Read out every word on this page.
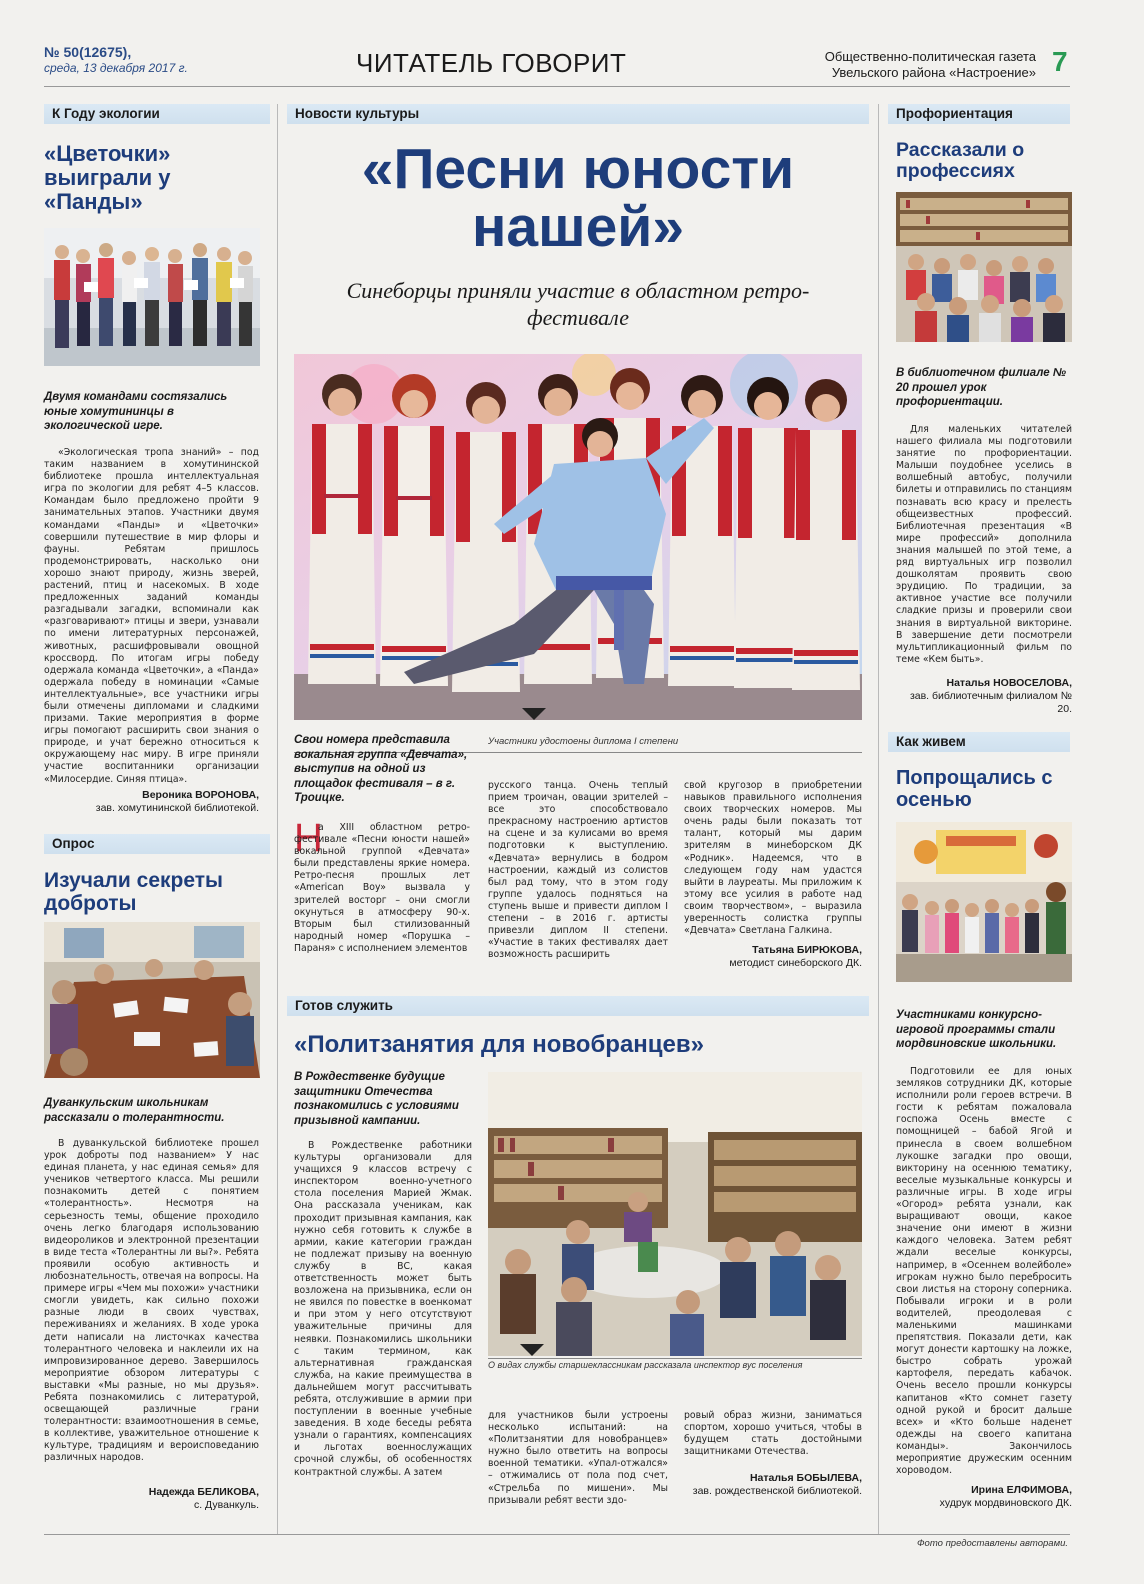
№ 50(12675),
среда, 13 декабря 2017 г.	ЧИТАТЕЛЬ ГОВОРИТ	Общественно-политическая газета
Увельского района «Настроение» 7
К Году экологии
«Цветочки» выиграли у «Панды»
Двумя командами состязались юные хомутининцы в экологической игре.
«Экологическая тропа знаний» – под таким названием в хомутининской библиотеке прошла интеллектуальная игра по экологии для ребят 4–5 классов. Командам было предложено пройти 9 занимательных этапов. Участники двумя командами «Панды» и «Цветочки» совершили путешествие в мир флоры и фауны. Ребятам пришлось продемонстрировать, насколько они хорошо знают природу, жизнь зверей, растений, птиц и насекомых. В ходе предложенных заданий команды разгадывали загадки, вспоминали как «разговаривают» птицы и звери, узнавали по имени литературных персонажей, животных, расшифровывали овощной кроссворд. По итогам игры победу одержала команда «Цветочки», а «Панда» одержала победу в номинации «Самые интеллектуальные», все участники игры были отмечены дипломами и сладкими призами. Такие мероприятия в форме игры помогают расширить свои знания о природе, и учат бережно относиться к окружающему нас миру. В игре приняли участие воспитанники организации «Милосердие. Синяя птица».
Вероника ВОРОНОВА,
зав. хомутининской библиотекой.
Опрос
Изучали секреты доброты
Дуванкульским школьникам рассказали о толерантности.
В дуванкульской библиотеке прошел урок доброты под названием» У нас единая планета, у нас единая семья» для учеников четвертого класса. Мы решили познакомить детей с понятием «толерантность». Несмотря на серьезность темы, общение проходило очень легко благодаря использованию видеороликов и электронной презентации в виде теста «Толерантны ли вы?». Ребята проявили особую активность и любознательность, отвечая на вопросы. На примере игры «Чем мы похожи» участники смогли увидеть, как сильно похожи разные люди в своих чувствах, переживаниях и желаниях. В ходе урока дети написали на листочках качества толерантного человека и наклеили их на импровизированное дерево. Завершилось мероприятие обзором литературы с выставки «Мы разные, но мы друзья». Ребята познакомились с литературой, освещающей различные грани толерантности: взаимоотношения в семье, в коллективе, уважительное отношение к культуре, традициям и вероисповеданию различных народов.
Надежда БЕЛИКОВА,
с. Дуванкуль.
Новости культуры
«Песни юности нашей»
Синеборцы приняли участие в областном ретро-фестивале
Участники удостоены диплома I степени
Свои номера представила вокальная группа «Девчата», выступив на одной из площадок фестиваля – в г. Троицке.
Н
а XIII областном ретро-фестивале «Песни юности нашей» вокальной группой «Девчата» были представлены яркие номера. Ретро-песня прошлых лет «American Boy» вызвала у зрителей восторг – они смогли окунуться в атмосферу 90-х. Вторым был стилизованный народный номер «Порушка – Параня» с исполнением элементов
русского танца. Очень теплый прием троичан, овации зрителей – все это способствовало прекрасному настроению артистов на сцене и за кулисами во время подготовки к выступлению. «Девчата» вернулись в бодром настроении, каждый из солистов был рад тому, что в этом году группе удалось подняться на ступень выше и привести диплом I степени – в 2016 г. артисты привезли диплом II степени. «Участие в таких фестивалях дает возможность расширить
свой кругозор в приобретении навыков правильного исполнения своих творческих номеров. Мы очень рады были показать тот талант, который мы дарим зрителям в минеборском ДК «Родник». Надеемся, что в следующем году нам удастся выйти в лауреаты. Мы приложим к этому все усилия в работе над своим творчеством», – выразила уверенность солистка группы «Девчата» Светлана Галкина.
Татьяна БИРЮКОВА,
методист синеборского ДК.
Готов служить
«Политзанятия для новобранцев»
В Рождественке будущие защитники Отечества познакомились с условиями призывной кампании.
В Рождественке работники культуры организовали для учащихся 9 классов встречу с инспектором военно-учетного стола поселения Марией Жмак. Она рассказала ученикам, как проходит призывная кампания, как нужно себя готовить к службе в армии, какие категории граждан не подлежат призыву на военную службу в ВС, какая ответственность может быть возложена на призывника, если он не явился по повестке в военкомат и при этом у него отсутствуют уважительные причины для неявки. Познакомились школьники с таким термином, как альтернативная гражданская служба, на какие преимущества в дальнейшем могут рассчитывать ребята, отслужившие в армии при поступлении в военные учебные заведения. В ходе беседы ребята узнали о гарантиях, компенсациях и льготах военнослужащих срочной службы, об особенностях контрактной службы. А затем
О видах службы старшеклассникам рассказала инспектор вус поселения
для участников были устроены несколько испытаний: на «Политзанятии для новобранцев» нужно было ответить на вопросы военной тематики. «Упал-отжался» – отжимались от пола под счет, «Стрельба по мишени». Мы призывали ребят вести здо-
ровый образ жизни, заниматься спортом, хорошо учиться, чтобы в будущем стать достойными защитниками Отечества.
Наталья БОБЫЛЕВА,
зав. рождественской библиотекой.
Профориентация
Рассказали о профессиях
В библиотечном филиале № 20 прошел урок профориентации.
Для маленьких читателей нашего филиала мы подготовили занятие по профориентации. Малыши поудобнее уселись в волшебный автобус, получили билеты и отправились по станциям познавать всю красу и прелесть общеизвестных профессий. Библиотечная презентация «В мире профессий» дополнила знания малышей по этой теме, а ряд виртуальных игр позволил дошколятам проявить свою эрудицию. По традиции, за активное участие все получили сладкие призы и проверили свои знания в виртуальной викторине. В завершение дети посмотрели мультипликационный фильм по теме «Кем быть».
Наталья НОВОСЕЛОВА,
зав. библиотечным филиалом № 20.
Как живем
Попрощались с осенью
Участниками конкурсно-игровой программы стали мордвиновские школьники.
Подготовили ее для юных земляков сотрудники ДК, которые исполнили роли героев встречи. В гости к ребятам пожаловала госпожа Осень вместе с помощницей – бабой Ягой и принесла в своем волшебном лукошке загадки про овощи, викторину на осеннюю тематику, веселые музыкальные конкурсы и различные игры. В ходе игры «Огород» ребята узнали, как выращивают овощи, какое значение они имеют в жизни каждого человека. Затем ребят ждали веселые конкурсы, например, в «Осеннем волейболе» игрокам нужно было перебросить свои листья на сторону соперника. Побывали игроки и в роли водителей, преодолевая с маленькими машинками препятствия. Показали дети, как могут донести картошку на ложке, быстро собрать урожай картофеля, передать кабачок. Очень весело прошли конкурсы капитанов «Кто сомнет газету одной рукой и бросит дальше всех» и «Кто больше наденет одежды на своего капитана команды». Закончилось мероприятие дружеским осенним хороводом.
Ирина ЕЛФИМОВА,
худрук мордвиновского ДК.
Фото предоставлены авторами.
